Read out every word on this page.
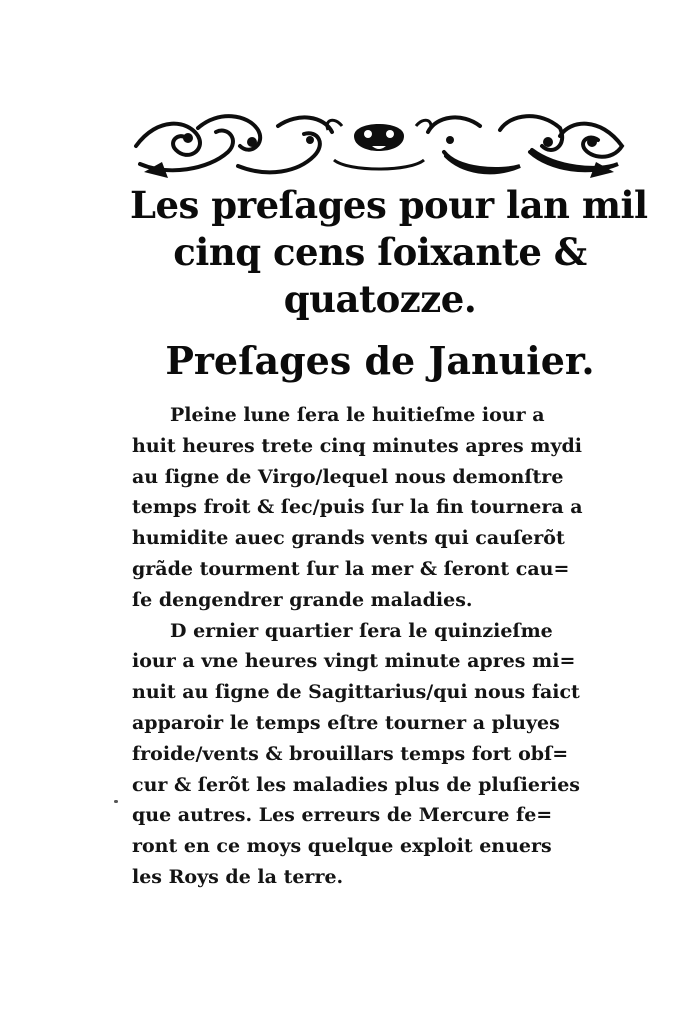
Les preſages pour lan mil
cinq cens ſoixante &
quatozze.
Preſages de Januier.
Pleine lune ſera le huitieſme iour a
huit heures trete cinq minutes apres mydi
au ſigne de Virgo/lequel nous demonſtre
temps froit & ſec/puis ſur la fin tournera a
humidite auec grands vents qui cauſerõt
grãde tourment ſur la mer & ſeront cau=
ſe dengendrer grande maladies.
D ernier quartier ſera le quinzieſme
iour a vne heures vingt minute apres mi=
nuit au ſigne de Sagittarius/qui nous faict
apparoir le temps eſtre tourner a pluyes
froide/vents & brouillars temps fort obſ=
cur & ſerõt les maladies plus de pluſieries
que autres. Les erreurs de Mercure fe=
ront en ce moys quelque exploit enuers
les Roys de la terre.
